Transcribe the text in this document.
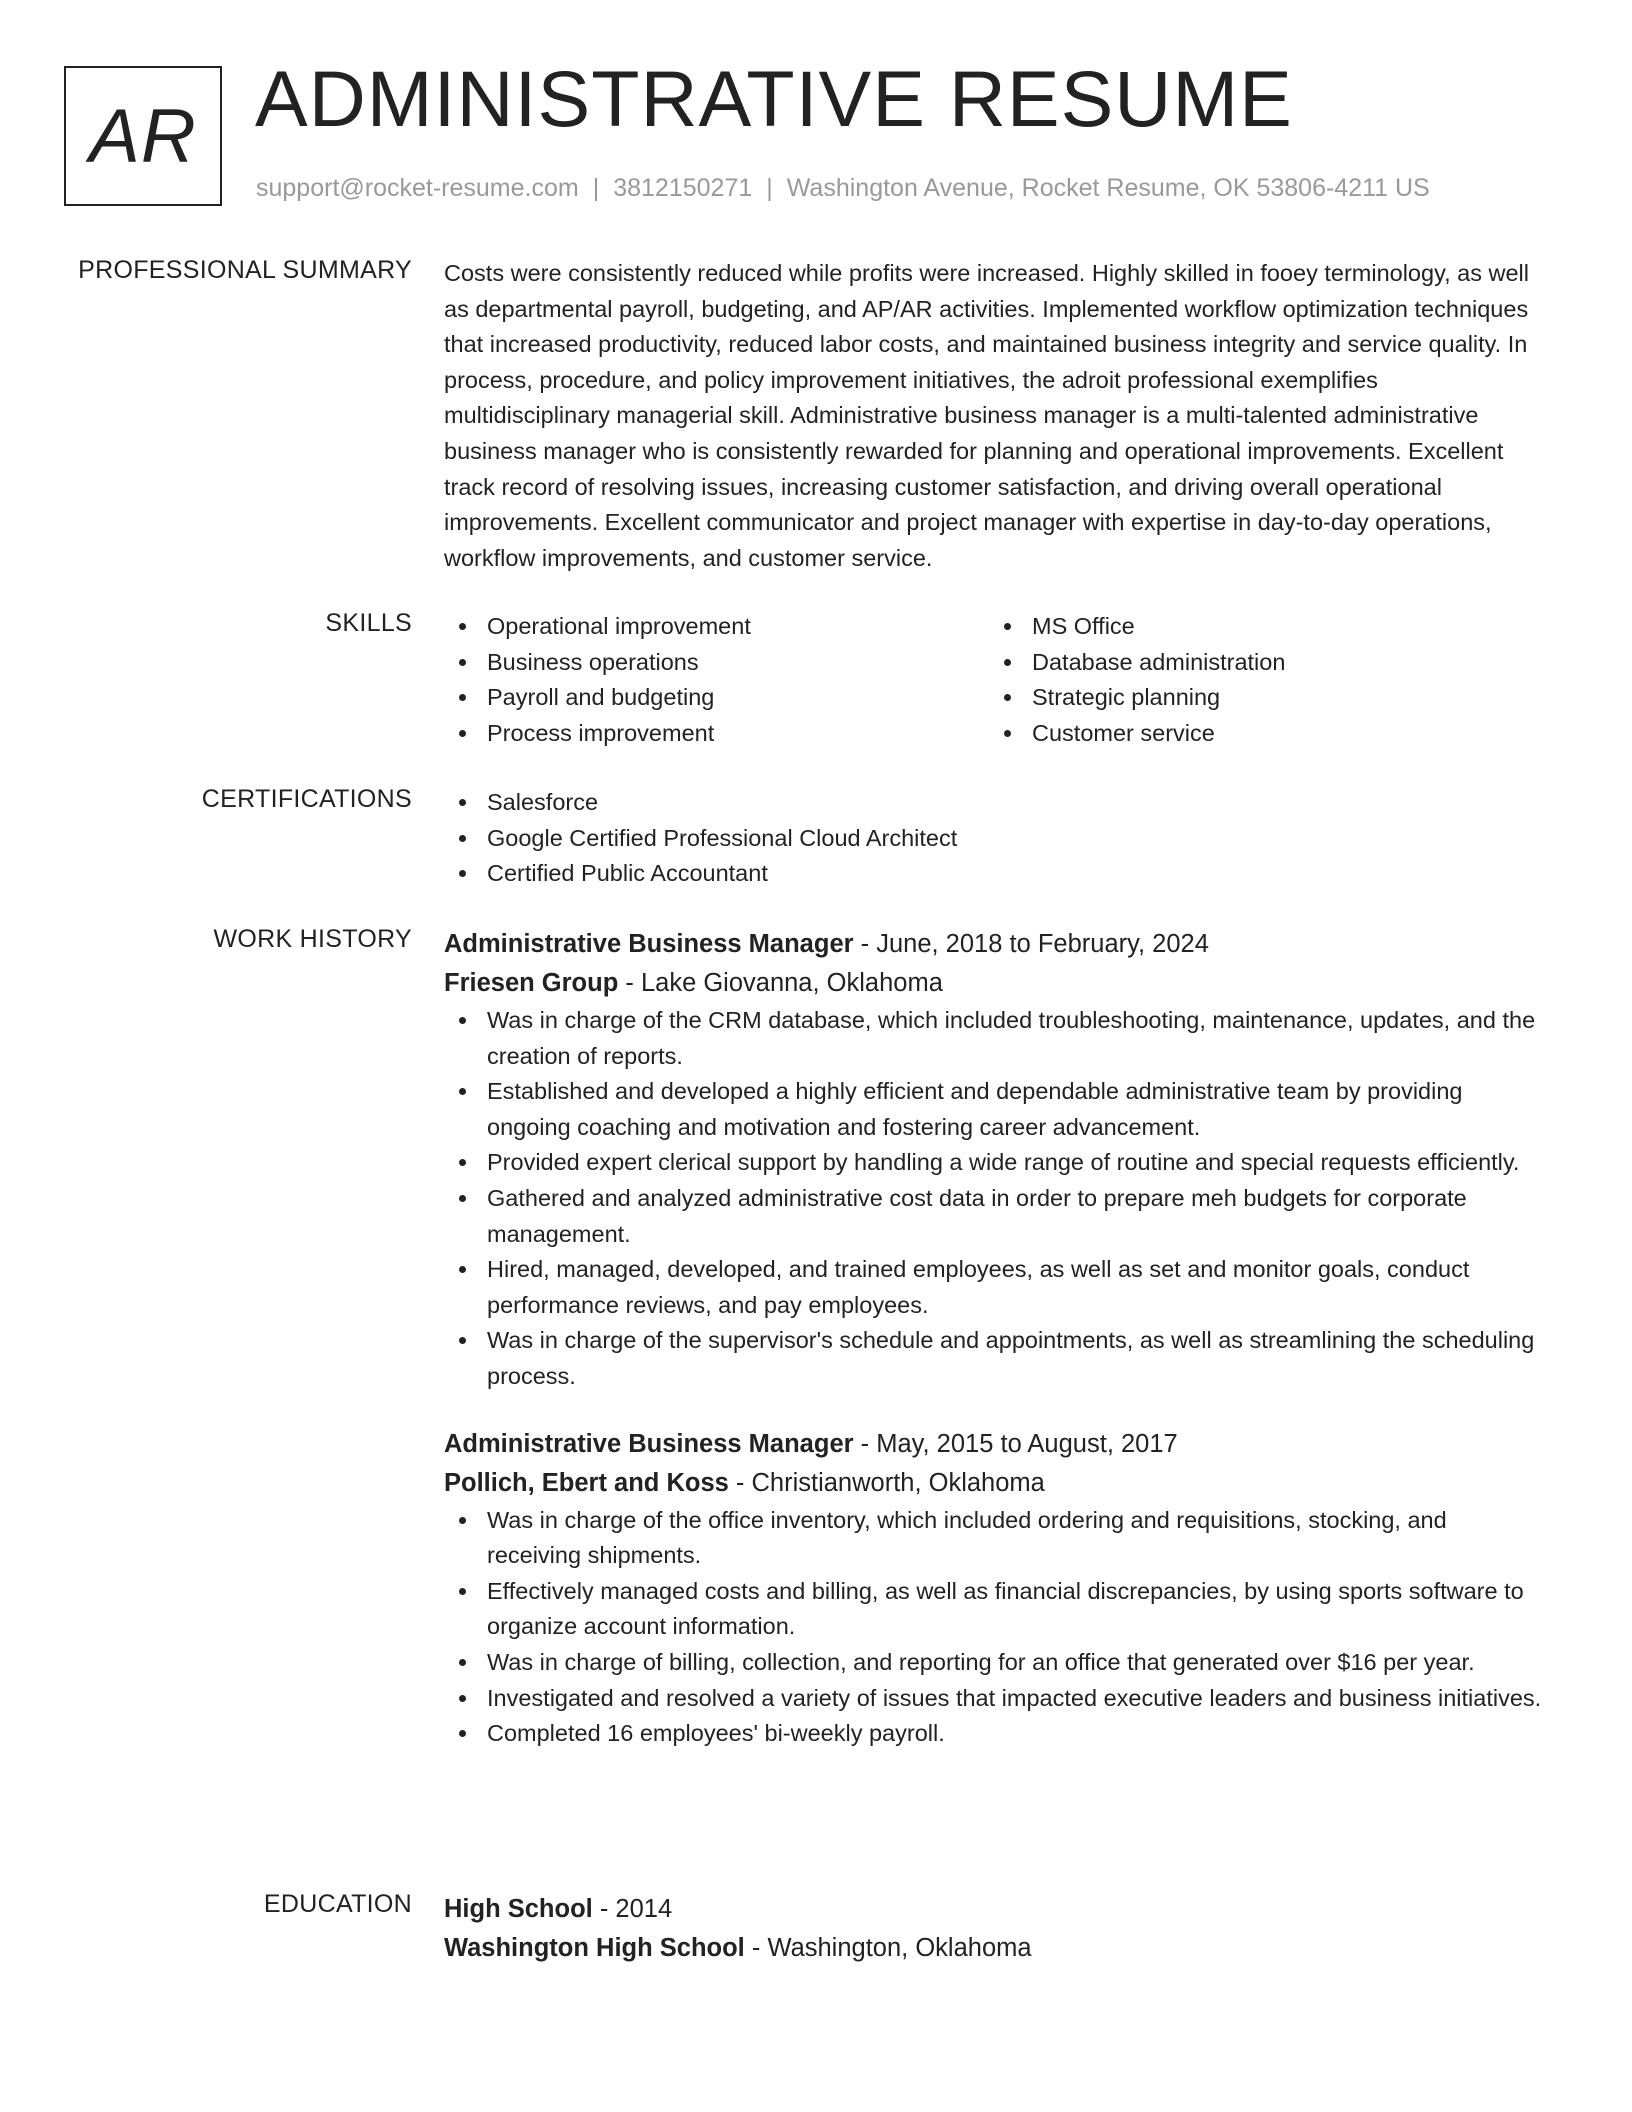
AR ADMINISTRATIVE RESUME
support@rocket-resume.com | 3812150271 | Washington Avenue, Rocket Resume, OK 53806-4211 US
PROFESSIONAL SUMMARY Costs were consistently reduced while profits were increased. Highly skilled in fooey terminology, as well as departmental payroll, budgeting, and AP/AR activities. Implemented workflow optimization techniques that increased productivity, reduced labor costs, and maintained business integrity and service quality. In process, procedure, and policy improvement initiatives, the adroit professional exemplifies multidisciplinary managerial skill. Administrative business manager is a multi-talented administrative business manager who is consistently rewarded for planning and operational improvements. Excellent track record of resolving issues, increasing customer satisfaction, and driving overall operational improvements. Excellent communicator and project manager with expertise in day-to-day operations, workflow improvements, and customer service.
SKILLS	Operational improvement
Business operations
Payroll and budgeting
Process improvement
MS Office
Database administration
Strategic planning
Customer service
CERTIFICATIONS	Salesforce
Google Certified Professional Cloud Architect
Certified Public Accountant
WORK HISTORY Administrative Business Manager - June, 2018 to February, 2024
Friesen Group - Lake Giovanna, Oklahoma
Was in charge of the CRM database, which included troubleshooting, maintenance, updates, and the creation of reports.
Established and developed a highly efficient and dependable administrative team by providing ongoing coaching and motivation and fostering career advancement.
Provided expert clerical support by handling a wide range of routine and special requests efficiently.
Gathered and analyzed administrative cost data in order to prepare meh budgets for corporate management.
Hired, managed, developed, and trained employees, as well as set and monitor goals, conduct performance reviews, and pay employees.
Was in charge of the supervisor's schedule and appointments, as well as streamlining the scheduling process.
Administrative Business Manager - May, 2015 to August, 2017
Pollich, Ebert and Koss - Christianworth, Oklahoma
Was in charge of the office inventory, which included ordering and requisitions, stocking, and receiving shipments.
Effectively managed costs and billing, as well as financial discrepancies, by using sports software to organize account information.
Was in charge of billing, collection, and reporting for an office that generated over $16 per year.
Investigated and resolved a variety of issues that impacted executive leaders and business initiatives.
Completed 16 employees' bi-weekly payroll.
EDUCATION High School - 2014
Washington High School - Washington, Oklahoma
